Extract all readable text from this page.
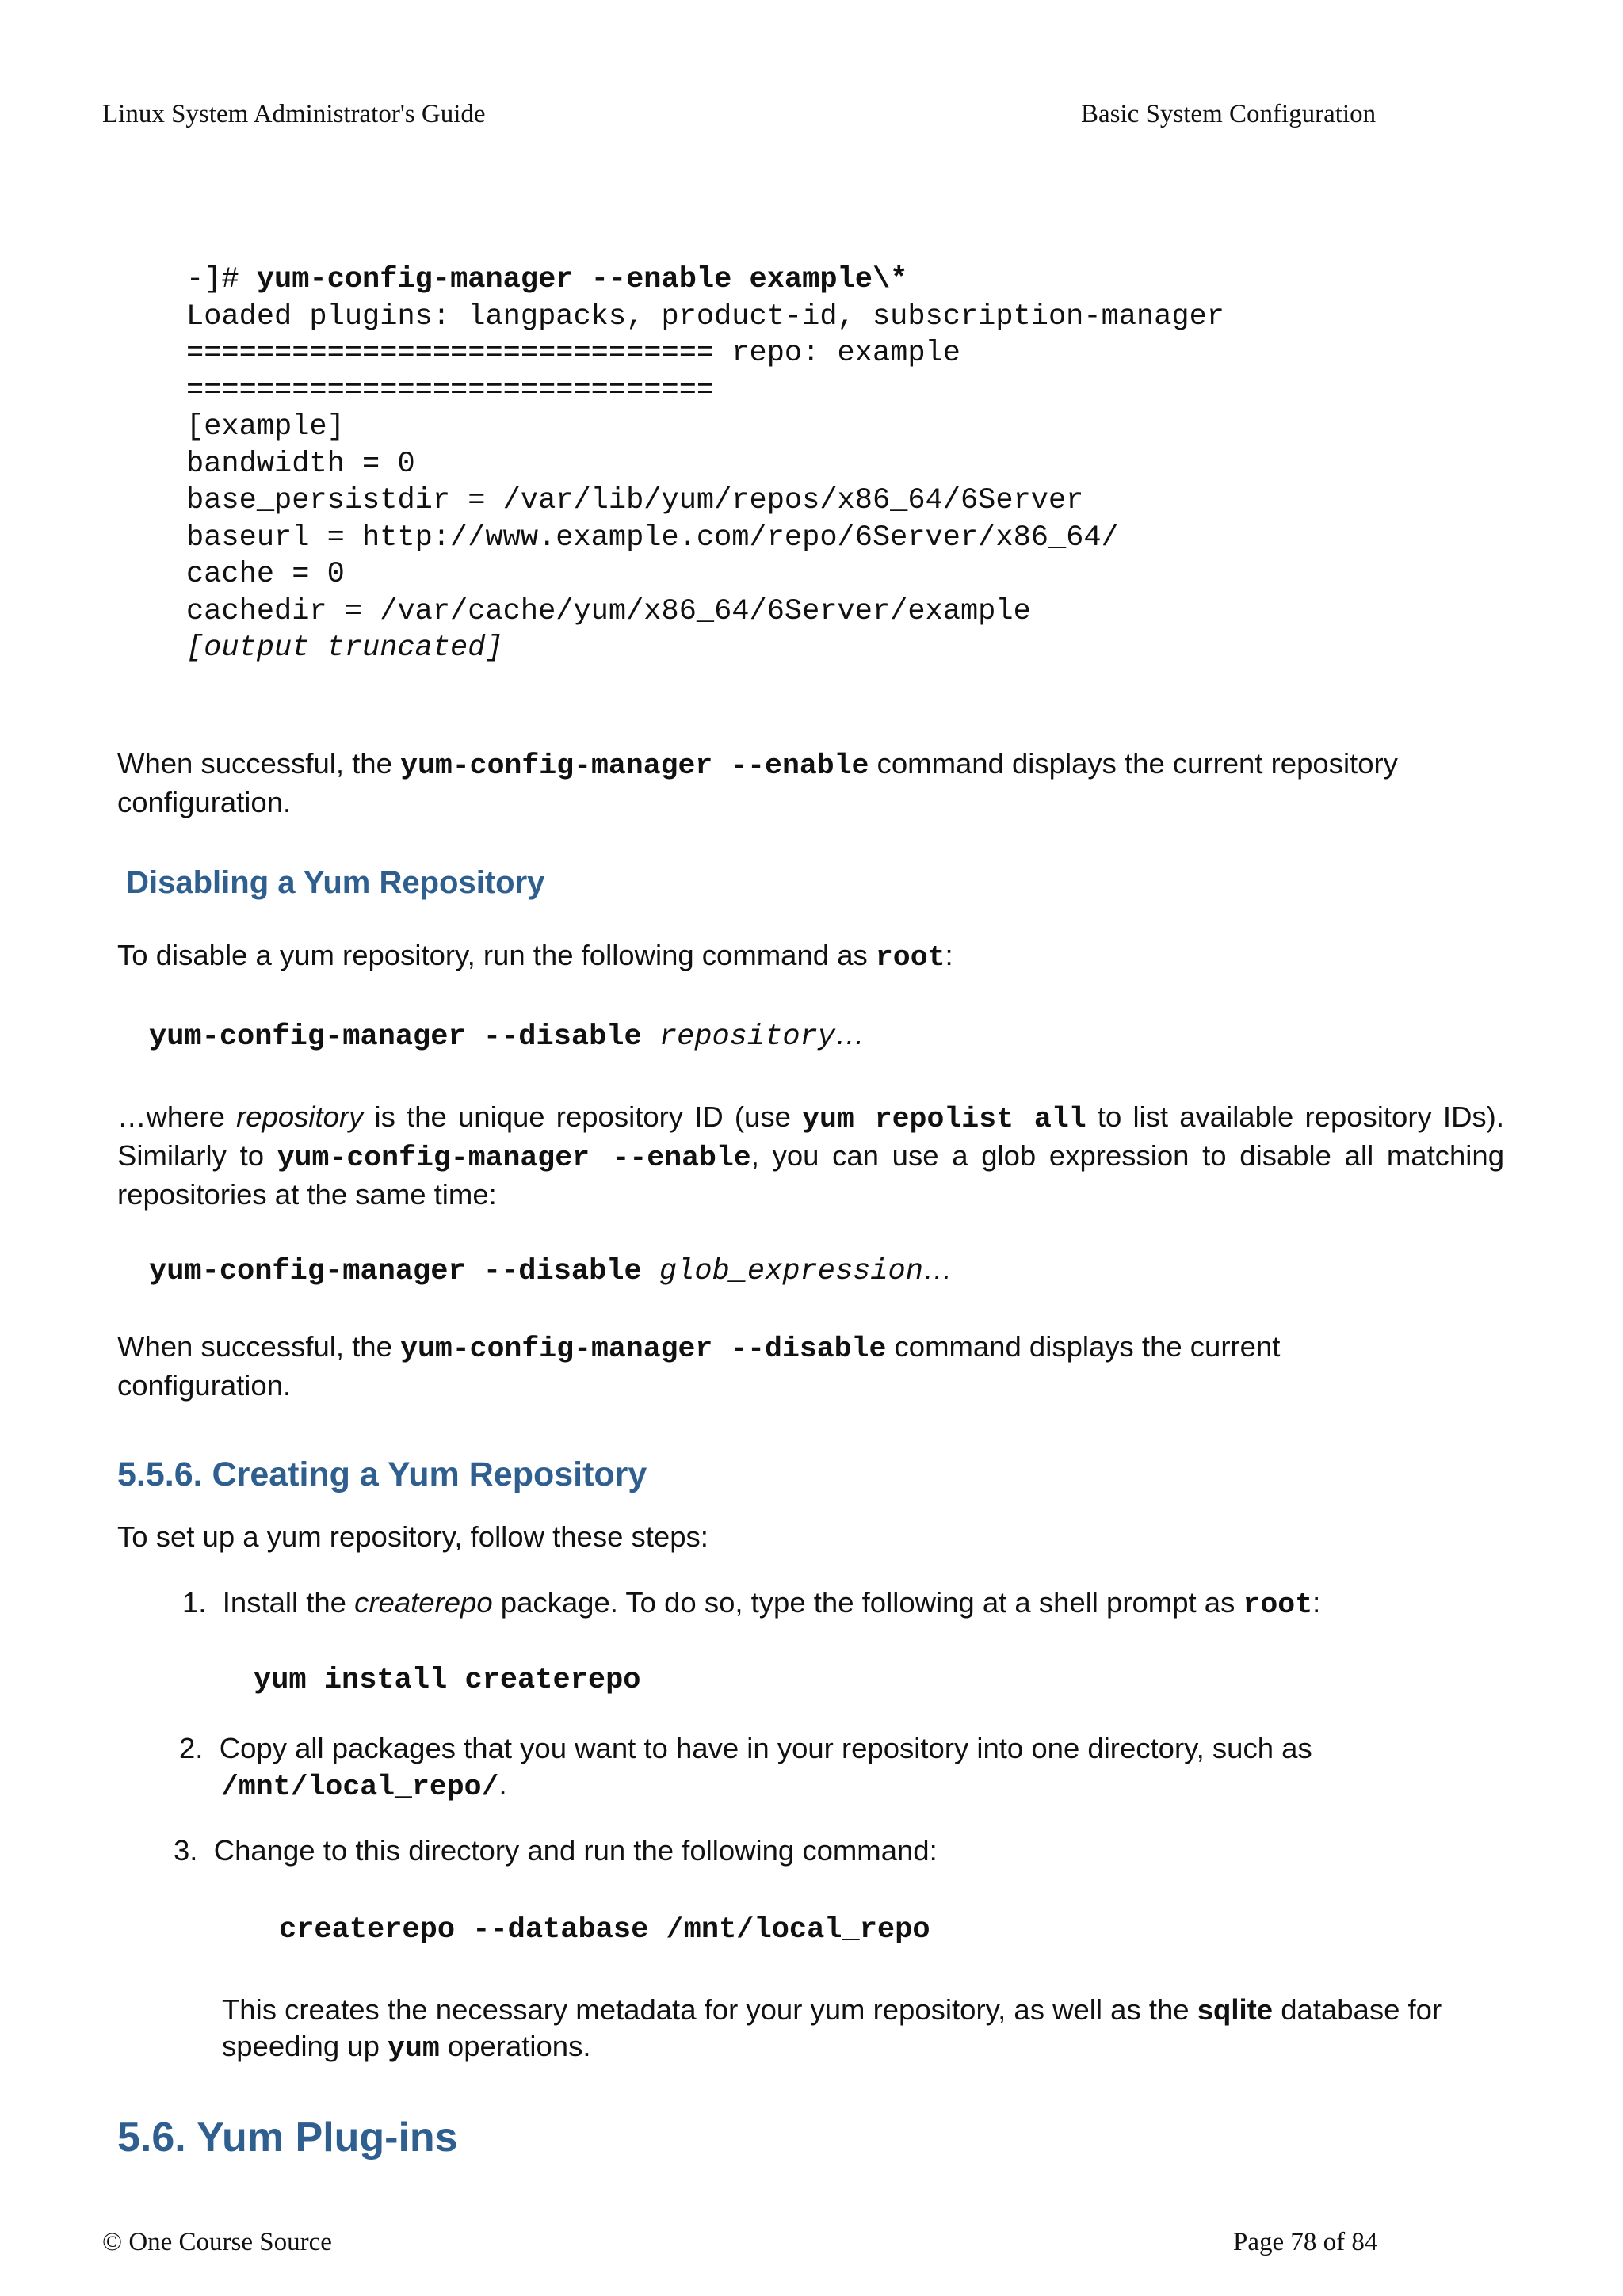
Linux System Administrator's Guide	Basic System Configuration
-]# yum-config-manager --enable example\*
Loaded plugins: langpacks, product-id, subscription-manager
============================== repo: example
==============================
[example]
bandwidth = 0
base_persistdir = /var/lib/yum/repos/x86_64/6Server
baseurl = http://www.example.com/repo/6Server/x86_64/
cache = 0
cachedir = /var/cache/yum/x86_64/6Server/example
[output truncated]
When successful, the yum-config-manager --enable command displays the current repository
configuration.
Disabling a Yum Repository
To disable a yum repository, run the following command as root:
yum-config-manager --disable repository…
…where repository is the unique repository ID (use yum repolist all to list available repository IDs).
Similarly to yum-config-manager --enable, you can use a glob expression to disable all matching
repositories at the same time:
yum-config-manager --disable glob_expression…
When successful, the yum-config-manager --disable command displays the current
configuration.
5.5.6. Creating a Yum Repository
To set up a yum repository, follow these steps:
1. Install the createrepo package. To do so, type the following at a shell prompt as root:
yum install createrepo
2. Copy all packages that you want to have in your repository into one directory, such as
/mnt/local_repo/.
3. Change to this directory and run the following command:
createrepo --database /mnt/local_repo
This creates the necessary metadata for your yum repository, as well as the sqlite database for
speeding up yum operations.
5.6. Yum Plug-ins
© One Course Source	Page 78 of 84
